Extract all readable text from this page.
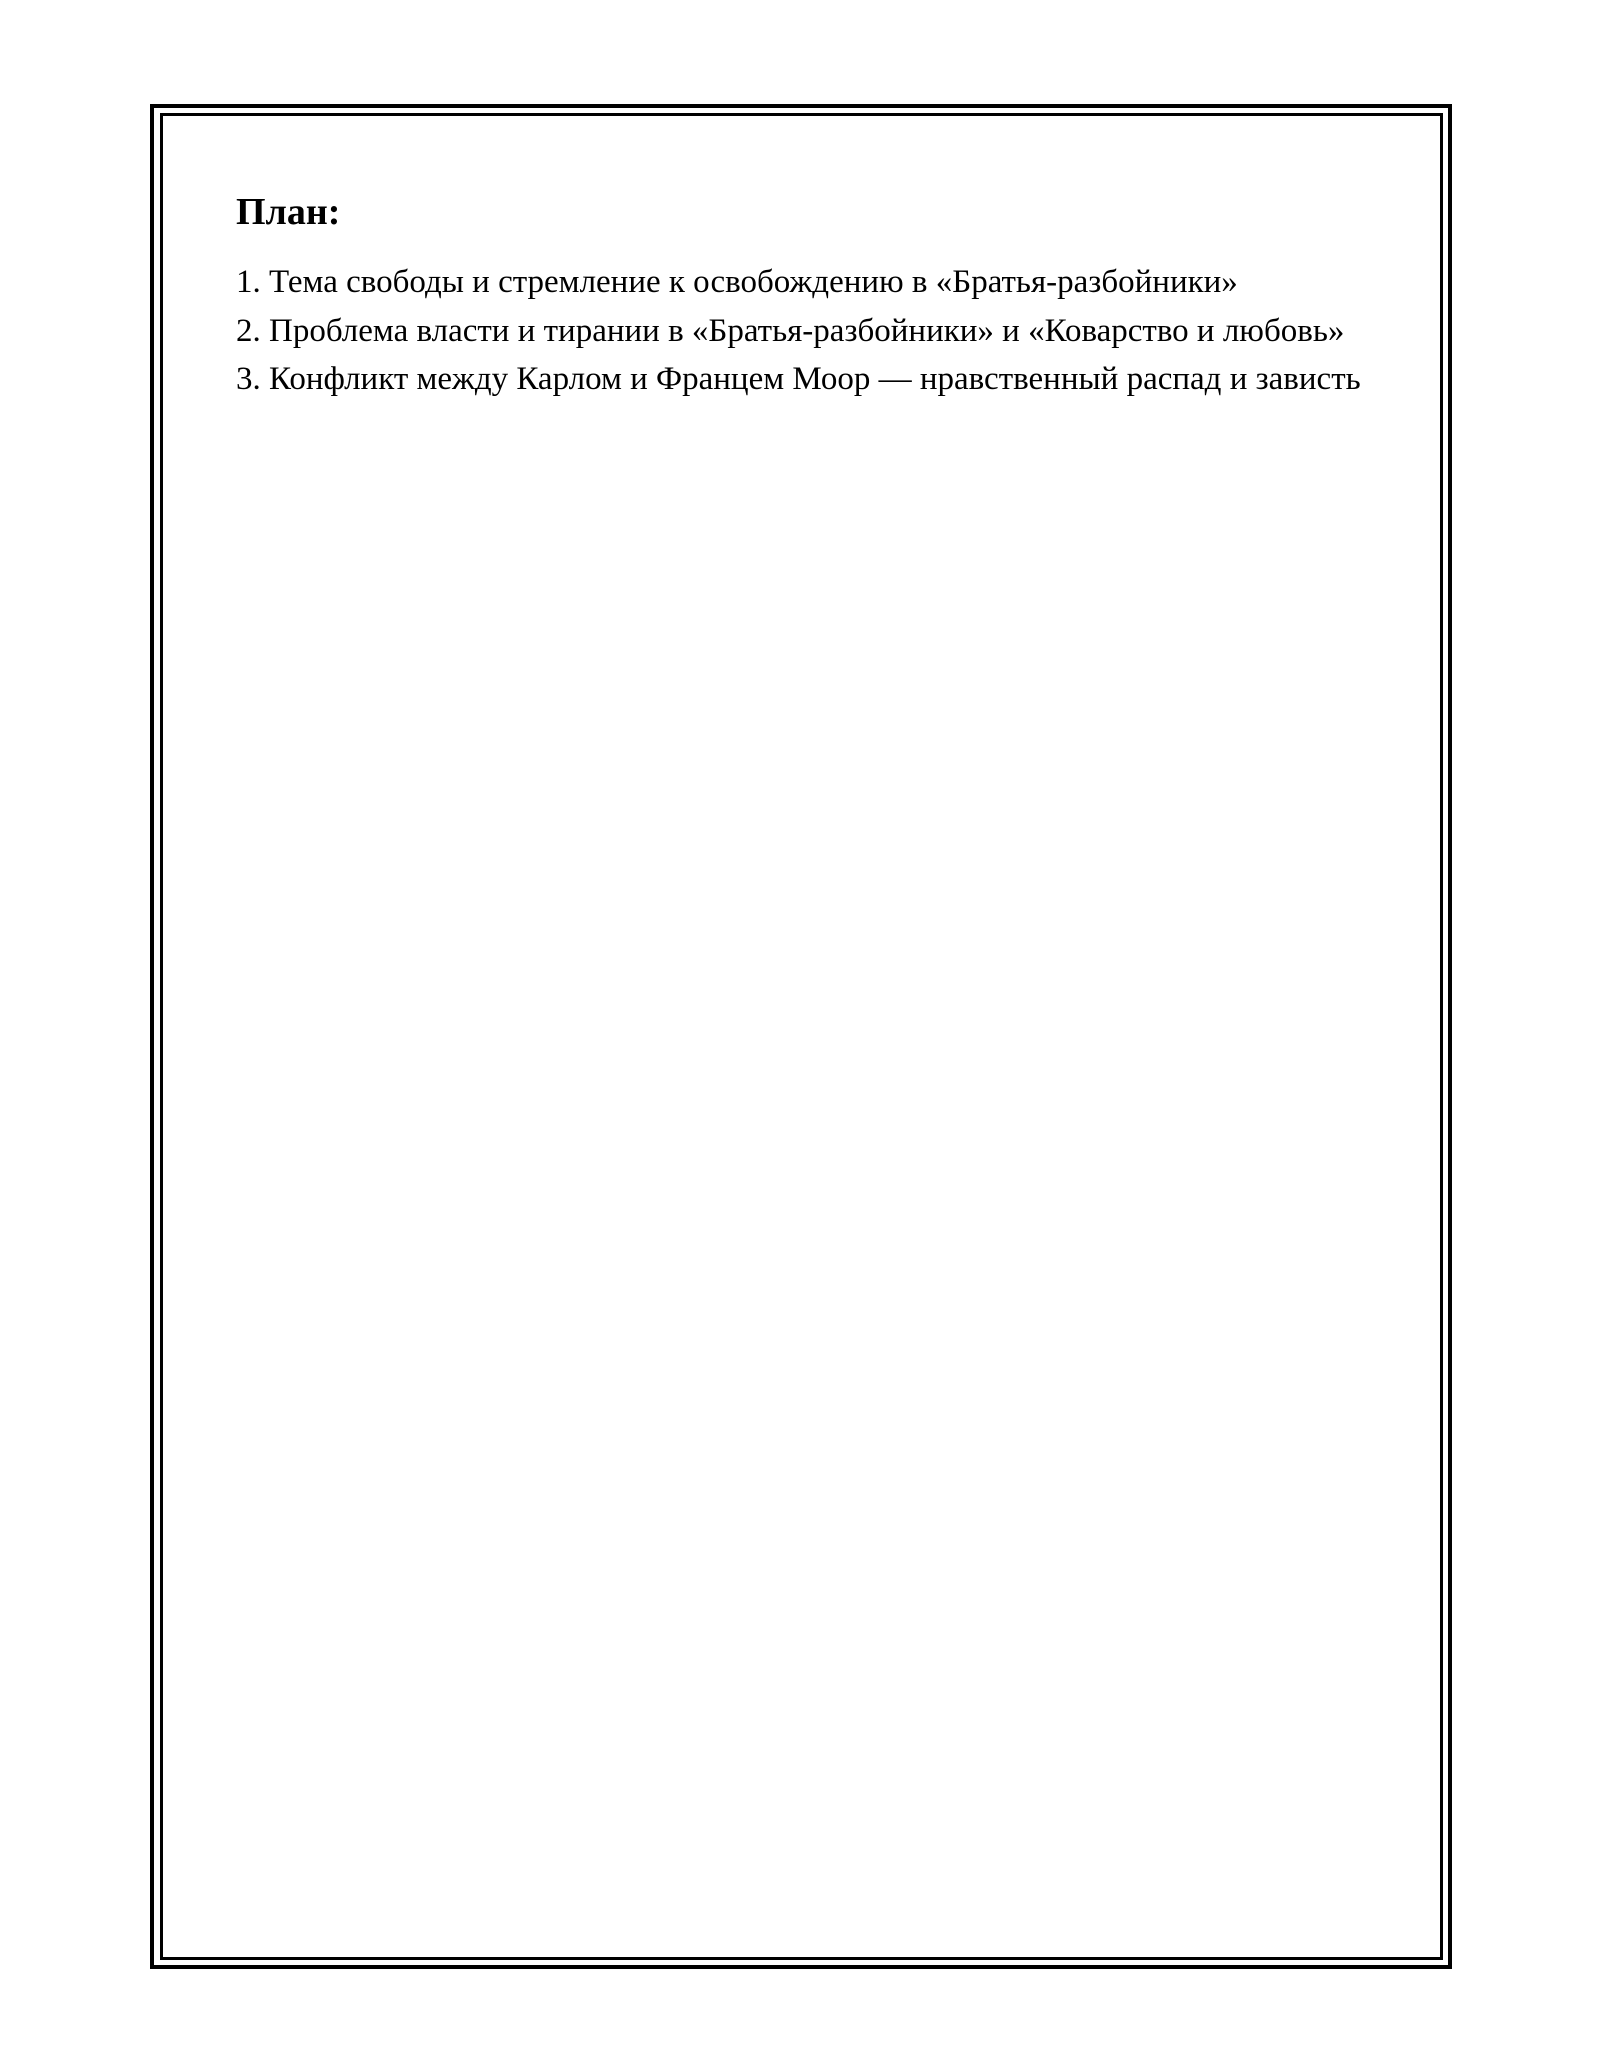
План:
1. Тема свободы и стремление к освобождению в «Братья-разбойники»
2. Проблема власти и тирании в «Братья-разбойники» и «Коварство и любовь»
3. Конфликт между Карлом и Францем Моор — нравственный распад и зависть
